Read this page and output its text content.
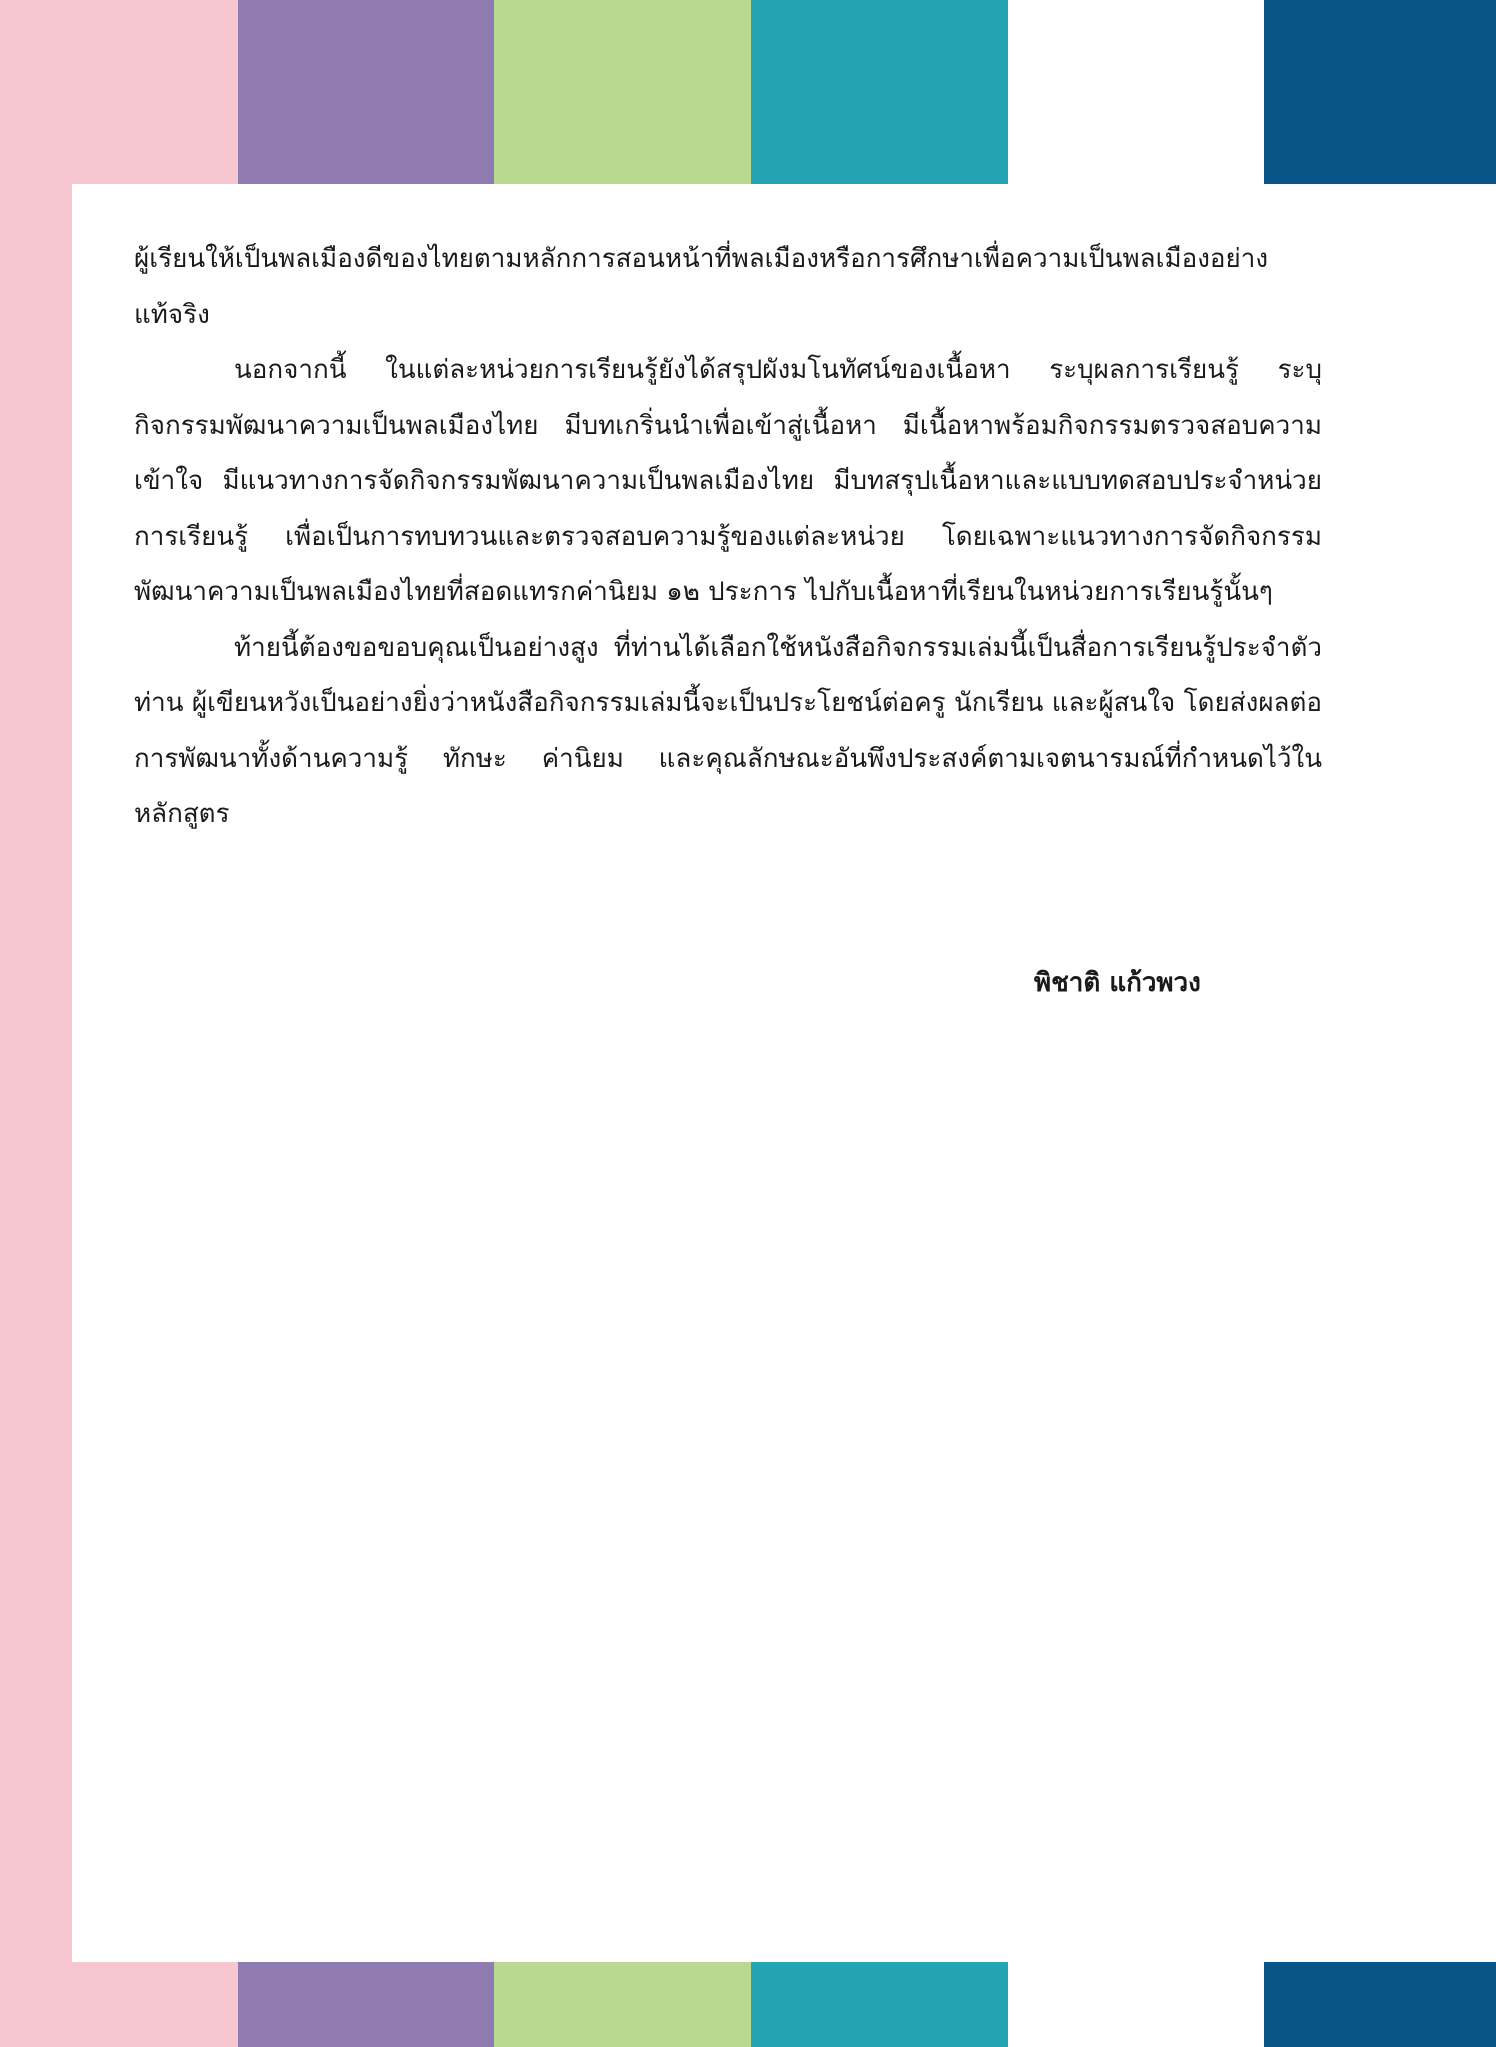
ผู้เรียนให้เป็นพลเมืองดีของไทยตามหลักการสอนหน้าที่พลเมืองหรือการศึกษาเพื่อความเป็นพลเมืองอย่างแท้จริง

นอกจากนี้ ในแต่ละหน่วยการเรียนรู้ยังได้สรุปผังมโนทัศน์ของเนื้อหา ระบุผลการเรียนรู้ ระบุกิจกรรมพัฒนาความเป็นพลเมืองไทย มีบทเกริ่นนำเพื่อเข้าสู่เนื้อหา มีเนื้อหาพร้อมกิจกรรมตรวจสอบความเข้าใจ มีแนวทางการจัดกิจกรรมพัฒนาความเป็นพลเมืองไทย มีบทสรุปเนื้อหาและแบบทดสอบประจำหน่วยการเรียนรู้ เพื่อเป็นการทบทวนและตรวจสอบความรู้ของแต่ละหน่วย โดยเฉพาะแนวทางการจัดกิจกรรมพัฒนาความเป็นพลเมืองไทยที่สอดแทรกค่านิยม ๑๒ ประการ ไปกับเนื้อหาที่เรียนในหน่วยการเรียนรู้นั้นๆ

ท้ายนี้ต้องขอขอบคุณเป็นอย่างสูง ที่ท่านได้เลือกใช้หนังสือกิจกรรมเล่มนี้เป็นสื่อการเรียนรู้ประจำตัวท่าน ผู้เขียนหวังเป็นอย่างยิ่งว่าหนังสือกิจกรรมเล่มนี้จะเป็นประโยชน์ต่อครู นักเรียน และผู้สนใจ โดยส่งผลต่อการพัฒนาทั้งด้านความรู้ ทักษะ ค่านิยม และคุณลักษณะอันพึงประสงค์ตามเจตนารมณ์ที่กำหนดไว้ในหลักสูตร

พิชาติ แก้วพวง
